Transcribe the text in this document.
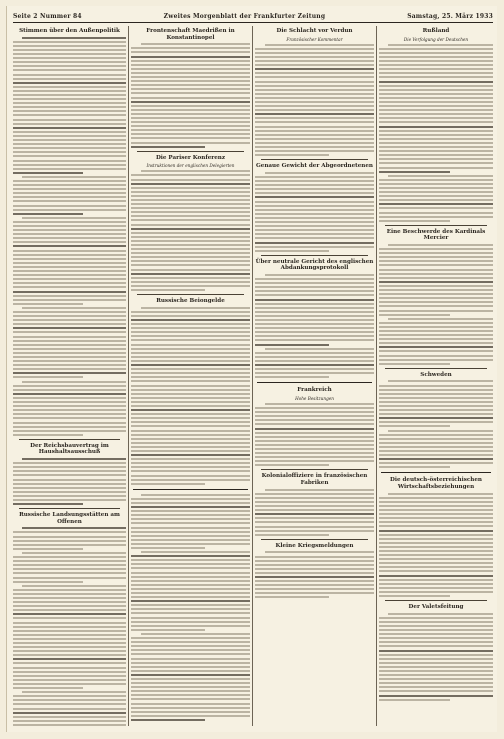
Seite 2 Nummer 84	Zweites Morgenblatt der Frankfurter Zeitung	Samstag, 25. März 1933
Stimmen über den Außenpolitik
Der Reichsbauvertrag im Haushaltsausschuß
Russische Landsungsstätten am Offenen
Frontenschaft Maedrißen in Konstantinopel
Die Pariser Konferenz
Instruktionen der englischen Delegierten
Russische Beiongelde
Die Schlacht vor Verdun
Französischer Kommentar
Genaue Gewicht der Abgeordnetenen
Über neutrale Gericht des englischen Abdankungsprotokoll
Frankreich
Hohe Besitzungen
Kolonialoffiziere in französischen Fabriken
Kleine Kriegsmeldungen
Rußland
Die Verfolgung der Deutschen
Eine Beschwerde des Kardinals Mercier
Schweden
Die deutsch-österreichischen Wirtschaftsbeziehungen
Der Valetsfeitung
